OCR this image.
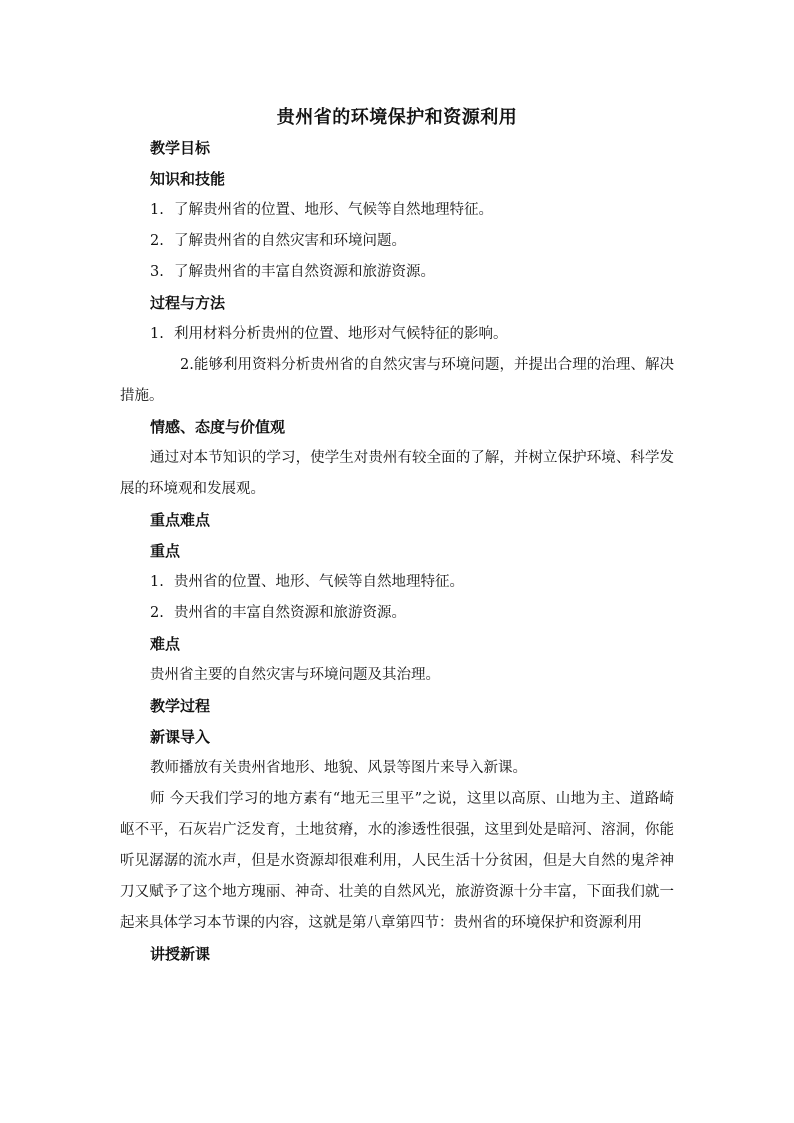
贵州省的环境保护和资源利用

教学目标

知识和技能

1. 了解贵州省的位置、地形、气候等自然地理特征。

2. 了解贵州省的自然灾害和环境问题。

3. 了解贵州省的丰富自然资源和旅游资源。

过程与方法

1. 利用材料分析贵州的位置、地形对气候特征的影响。

2.能够利用资料分析贵州省的自然灾害与环境问题，并提出合理的治理、解决措施。

情感、态度与价值观

通过对本节知识的学习，使学生对贵州有较全面的了解，并树立保护环境、科学发展的环境观和发展观。

重点难点

重点

1. 贵州省的位置、地形、气候等自然地理特征。

2. 贵州省的丰富自然资源和旅游资源。

难点

贵州省主要的自然灾害与环境问题及其治理。

教学过程

新课导入

教师播放有关贵州省地形、地貌、风景等图片来导入新课。

师 今天我们学习的地方素有“地无三里平”之说，这里以高原、山地为主、道路崎岖不平，石灰岩广泛发育，土地贫瘠，水的渗透性很强，这里到处是暗河、溶洞，你能听见潺潺的流水声，但是水资源却很难利用，人民生活十分贫困，但是大自然的鬼斧神刀又赋予了这个地方瑰丽、神奇、壮美的自然风光，旅游资源十分丰富，下面我们就一起来具体学习本节课的内容，这就是第八章第四节：贵州省的环境保护和资源利用

讲授新课
